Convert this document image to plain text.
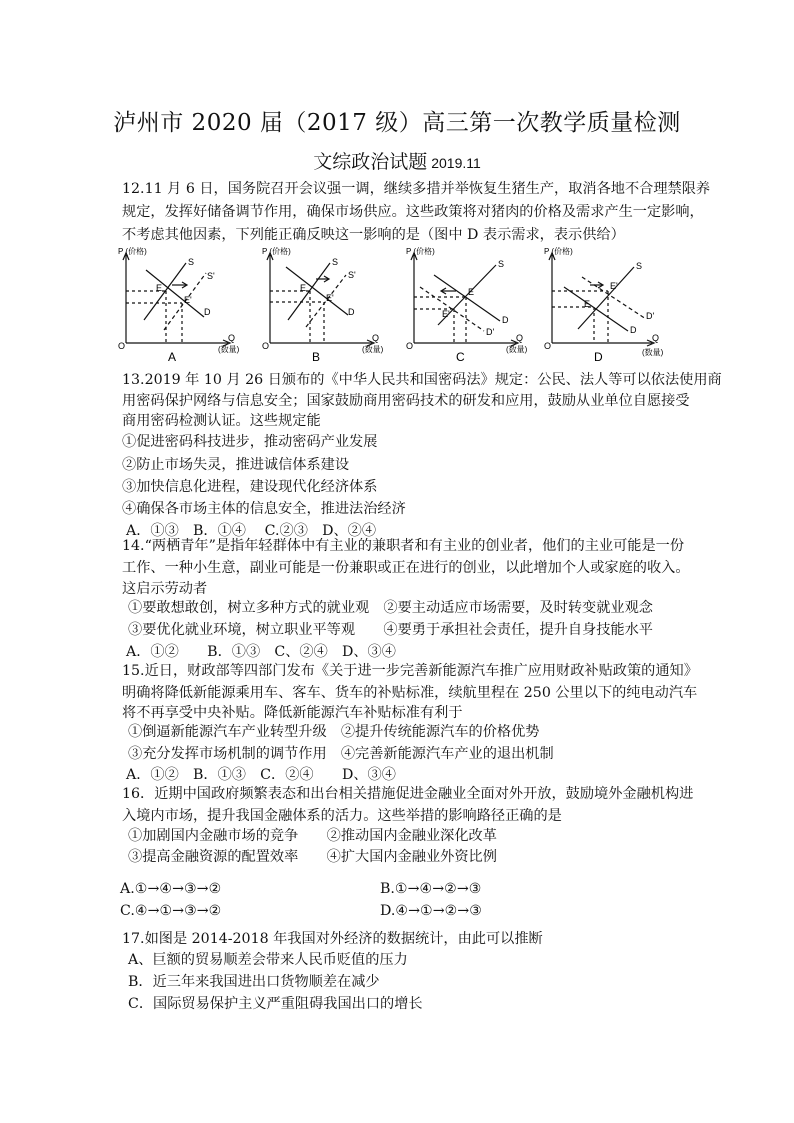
泸州市 2020 届（2017 级）高三第一次教学质量检测
文综政治试题 2019.11
12.11 月 6 日，国务院召开会议强一调，继续多措并举恢复生猪生产，取消各地不合理禁限养
规定，发挥好储备调节作用，确保市场供应。这些政策将对猪肉的价格及需求产生一定影响，
不考虑其他因素，下列能正确反映这一影响的是（图中 D 表示需求，表示供给）
P (价格)
O
Q
(数量)
S
S'
E
E'
D
A
P (价格)
O
Q
(数量)
S
S'
E
E'
D
B
P (价格)
O
Q
(数量)
S
E
E'
D
D'
C
P (价格)
O
Q
(数量)
S
E'
E
D'
D
D
13.2019 年 10 月 26 日颁布的《中华人民共和国密码法》规定：公民、法人等可以依法使用商
用密码保护网络与信息安全；国家鼓励商用密码技术的研发和应用，鼓励从业单位自愿接受
商用密码检测认证。这些规定能
①促进密码科技进步，推动密码产业发展
②防止市场失灵，推进诚信体系建设
③加快信息化进程，建设现代化经济体系
④确保各市场主体的信息安全，推进法治经济
A．①③　B．①④　 C.②③　D、②④
14.“两栖青年”是指年轻群体中有主业的兼职者和有主业的创业者，他们的主业可能是一份
工作、一种小生意，副业可能是一份兼职或正在进行的创业，以此增加个人或家庭的收入。
这启示劳动者
①要敢想敢创，树立多种方式的就业观　②要主动适应市场需要，及时转变就业观念
③要优化就业环境，树立职业平等观　　④要勇于承担社会责任，提升自身技能水平
A．①②　　B．①③　C、②④　D、③④
15.近日，财政部等四部门发布《关于进一步完善新能源汽车推广应用财政补贴政策的通知》
明确将降低新能源乘用车、客车、货车的补贴标准，续航里程在 250 公里以下的纯电动汽车
将不再享受中央补贴。降低新能源汽车补贴标准有利于
①倒逼新能源汽车产业转型升级　②提升传统能源汽车的价格优势
③充分发挥市场机制的调节作用　④完善新能源汽车产业的退出机制
A．①②　B．①③　C．②④　　D、③④
16．近期中国政府频繁表态和出台相关措施促进金融业全面对外开放，鼓励境外金融机构进
入境内市场，提升我国金融体系的活力。这些举措的影响路径正确的是
①加剧国内金融市场的竞争　　②推动国内金融业深化改革
③提高金融资源的配置效率　　④扩大国内金融业外资比例
A.①→④→③→②	B.①→④→②→③
C.④→①→③→②	D.④→①→②→③
17.如图是 2014-2018 年我国对外经济的数据统计，由此可以推断
A、巨额的贸易顺差会带来人民币贬值的压力
B．近三年来我国进出口货物顺差在减少
C．国际贸易保护主义严重阻碍我国出口的增长
